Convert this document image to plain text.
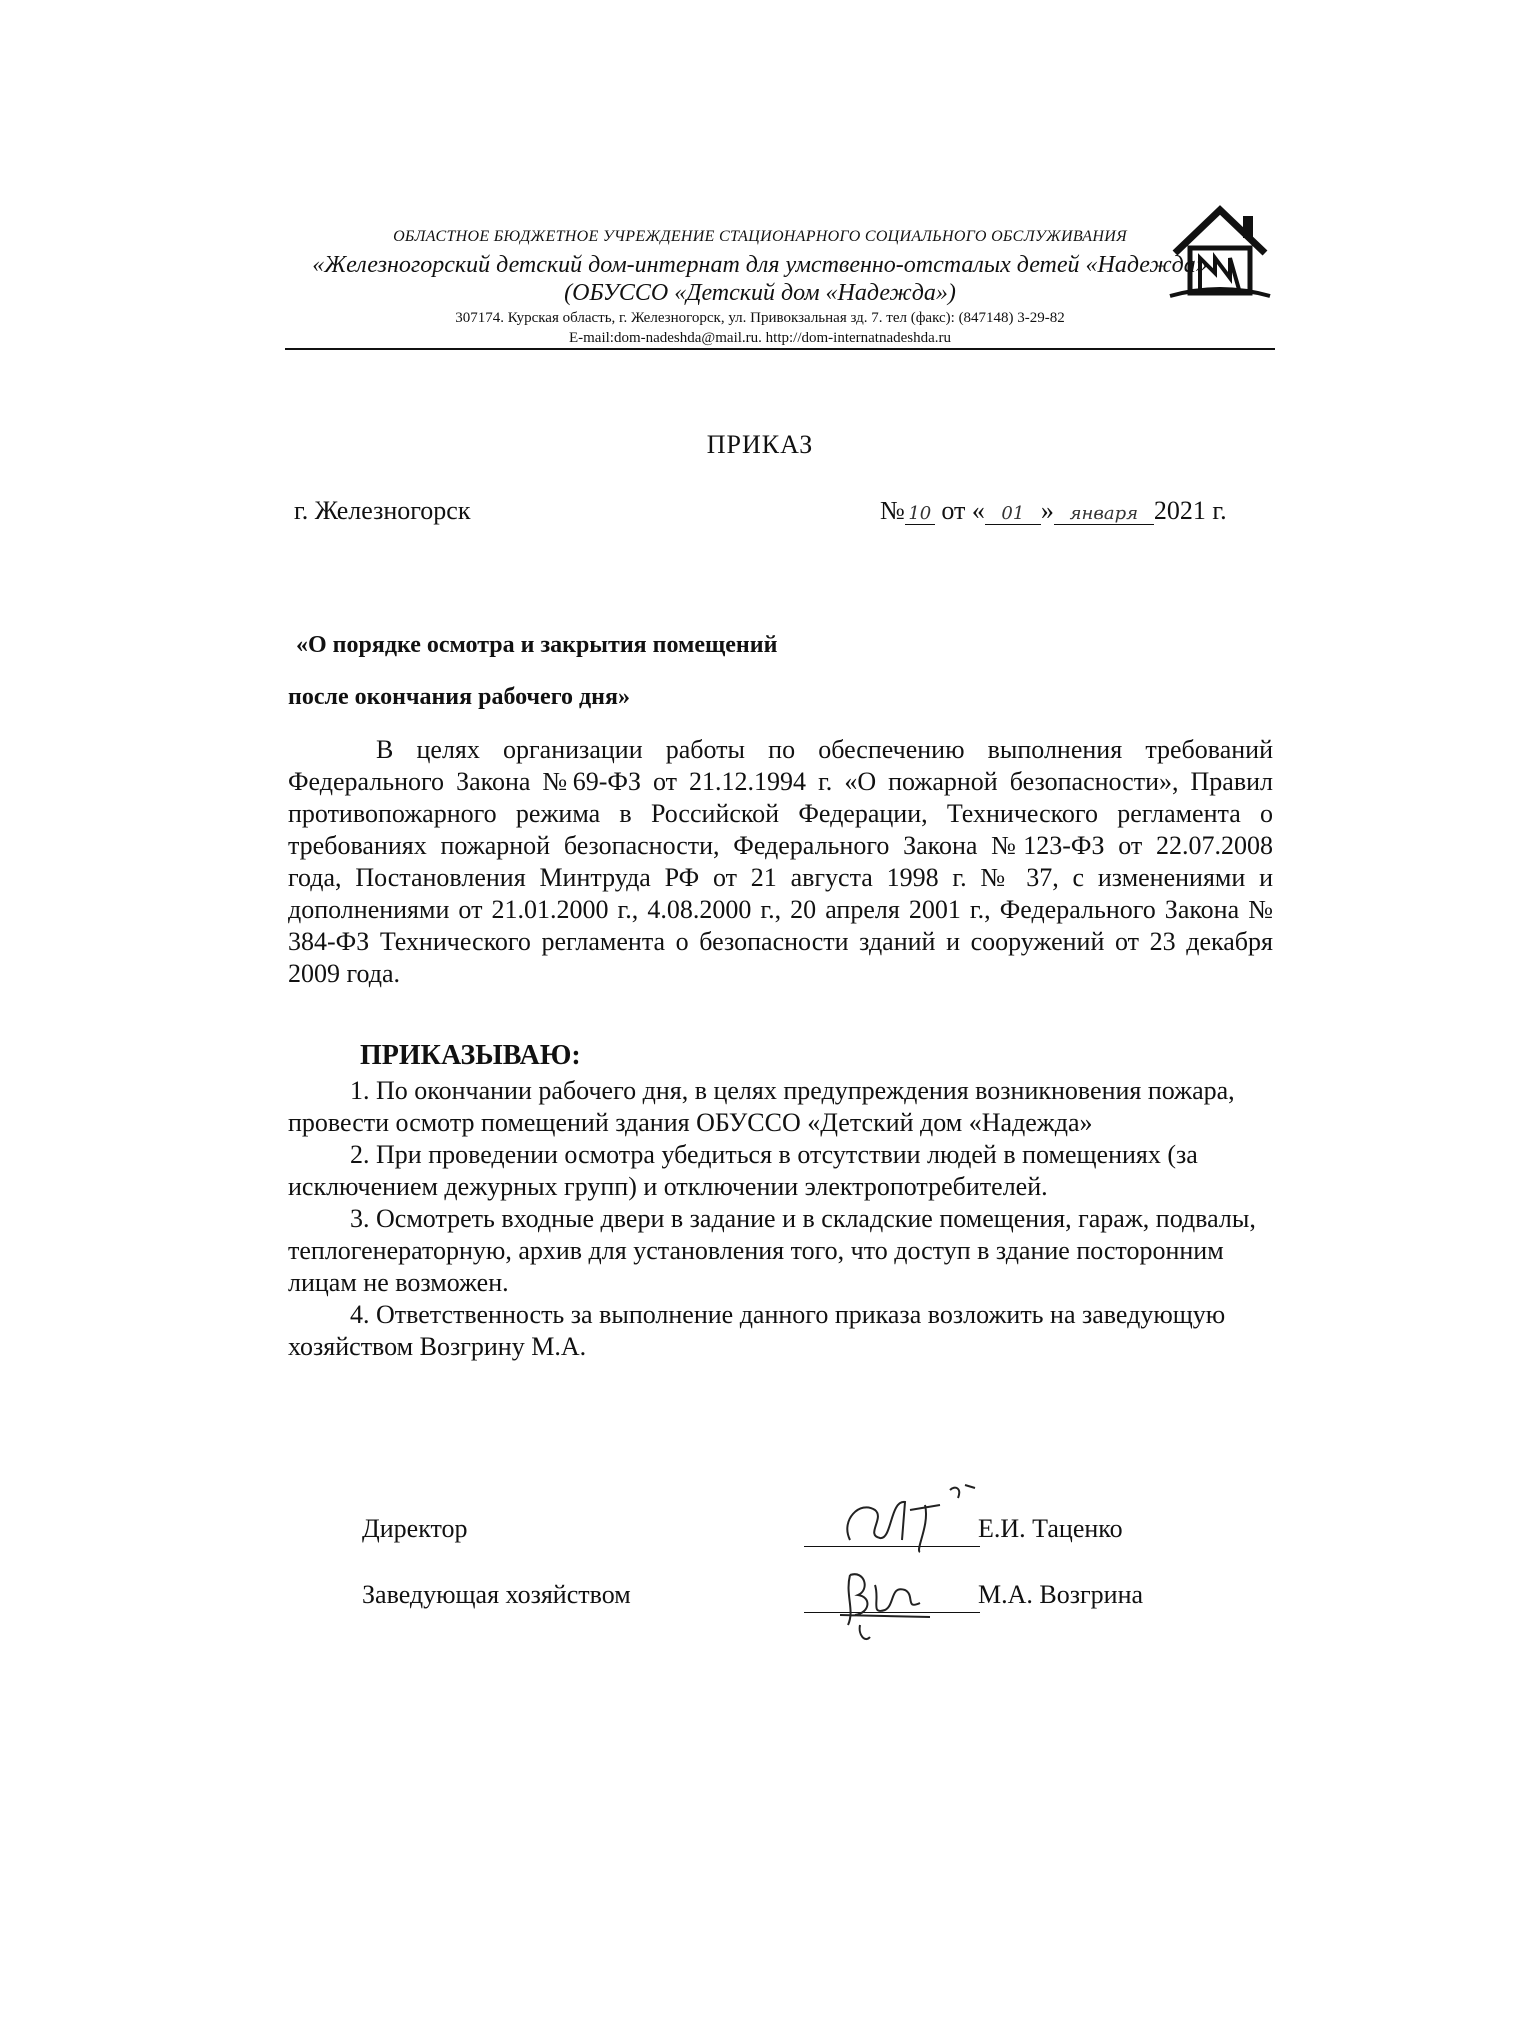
ОБЛАСТНОЕ БЮДЖЕТНОЕ УЧРЕЖДЕНИЕ СТАЦИОНАРНОГО СОЦИАЛЬНОГО ОБСЛУЖИВАНИЯ
«Железногорский детский дом-интернат для умственно-отсталых детей «Надежда»
(ОБУССО «Детский дом «Надежда»)
307174. Курская область, г. Железногорск, ул. Привокзальная зд. 7. тел (факс): (847148) 3-29-82
E-mail:dom-nadeshda@mail.ru. http://dom-internatnadeshda.ru
ПРИКАЗ
г. Железногорск	№ 10 от « 01 » января 2021 г.
«О порядке осмотра и закрытия помещений
после окончания рабочего дня»

В целях организации работы по обеспечению выполнения требований Федерального Закона №69-ФЗ от 21.12.1994 г. «О пожарной безопасности», Правил противопожарного режима в Российской Федерации, Технического регламента о требованиях пожарной безопасности, Федерального Закона №123-ФЗ от 22.07.2008 года, Постановления Минтруда РФ от 21 августа 1998 г. № 37, с изменениями и дополнениями от 21.01.2000 г., 4.08.2000 г., 20 апреля 2001 г., Федерального Закона № 384-ФЗ Технического регламента о безопасности зданий и сооружений от 23 декабря 2009 года.

ПРИКАЗЫВАЮ:

1. По окончании рабочего дня, в целях предупреждения возникновения пожара, провести осмотр помещений здания ОБУССО «Детский дом «Надежда»

2. При проведении осмотра убедиться в отсутствии людей в помещениях (за исключением дежурных групп) и отключении электропотребителей.

3. Осмотреть входные двери в задание и в складские помещения, гараж, подвалы, теплогенераторную, архив для установления того, что доступ в здание посторонним лицам не возможен.

4. Ответственность за выполнение данного приказа возложить на заведующую хозяйством Возгрину М.А.

Директор	Е.И. Таценко
Заведующая хозяйством	М.А. Возгрина
